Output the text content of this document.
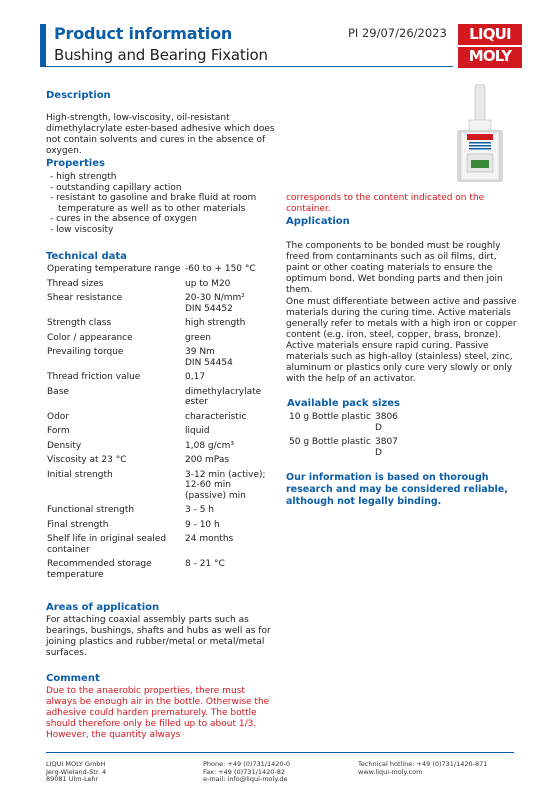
Product information
Bushing and Bearing Fixation
PI 29/07/26/2023	LIQUI
MOLY
Description
High-strength, low-viscosity, oil-resistant dimethylacrylate ester-based adhesive which does not contain solvents and cures in the absence of oxygen.
Properties
- high strength
- outstanding capillary action
- resistant to gasoline and brake fluid at room temperature as well as to other materials
- cures in the absence of oxygen
- low viscosity
Technical data
Operating temperature range	-60 to + 150 °C
Thread sizes	up to M20
Shear resistance	20-30 N/mm²
DIN 54452
Strength class	high strength
Color / appearance	green
Prevailing torque	39 Nm
DIN 54454
Thread friction value	0,17
Base	dimethylacrylate
ester
Odor	characteristic
Form	liquid
Density	1,08 g/cm³
Viscosity at 23 °C	200 mPas
Initial strength	3-12 min (active);
12-60 min
(passive) min
Functional strength	3 - 5 h
Final strength	9 - 10 h
Shelf life in original sealed
container	24 months
Recommended storage
temperature	8 - 21 °C
Areas of application
For attaching coaxial assembly parts such as bearings, bushings, shafts and hubs as well as for joining plastics and rubber/metal or metal/metal surfaces.
Comment
Due to the anaerobic properties, there must always be enough air in the bottle. Otherwise the adhesive could harden prematurely. The bottle should therefore only be filled up to about 1/3. However, the quantity always
corresponds to the content indicated on the container.
Application
The components to be bonded must be roughly freed from contaminants such as oil films, dirt, paint or other coating materials to ensure the optimum bond. Wet bonding parts and then join them.
One must differentiate between active and passive materials during the curing time. Active materials generally refer to metals with a high iron or copper content (e.g. iron, steel, copper, brass, bronze). Active materials ensure rapid curing. Passive materials such as high-alloy (stainless) steel, zinc, aluminum or plastics only cure very slowly or only with the help of an activator.
Available pack sizes
10 g Bottle plastic	3806
D
50 g Bottle plastic	3807
D
Our information is based on thorough research and may be considered reliable, although not legally binding.
LIQUI MOLY GmbH
Jerg-Wieland-Str. 4
89081 Ulm-Lehr
Phone: +49 (0)731/1420-0
Fax: +49 (0)731/1420-82
e-mail: info@liqui-moly.de
Technical hotline: +49 (0)731/1420-871
www.liqui-moly.com
